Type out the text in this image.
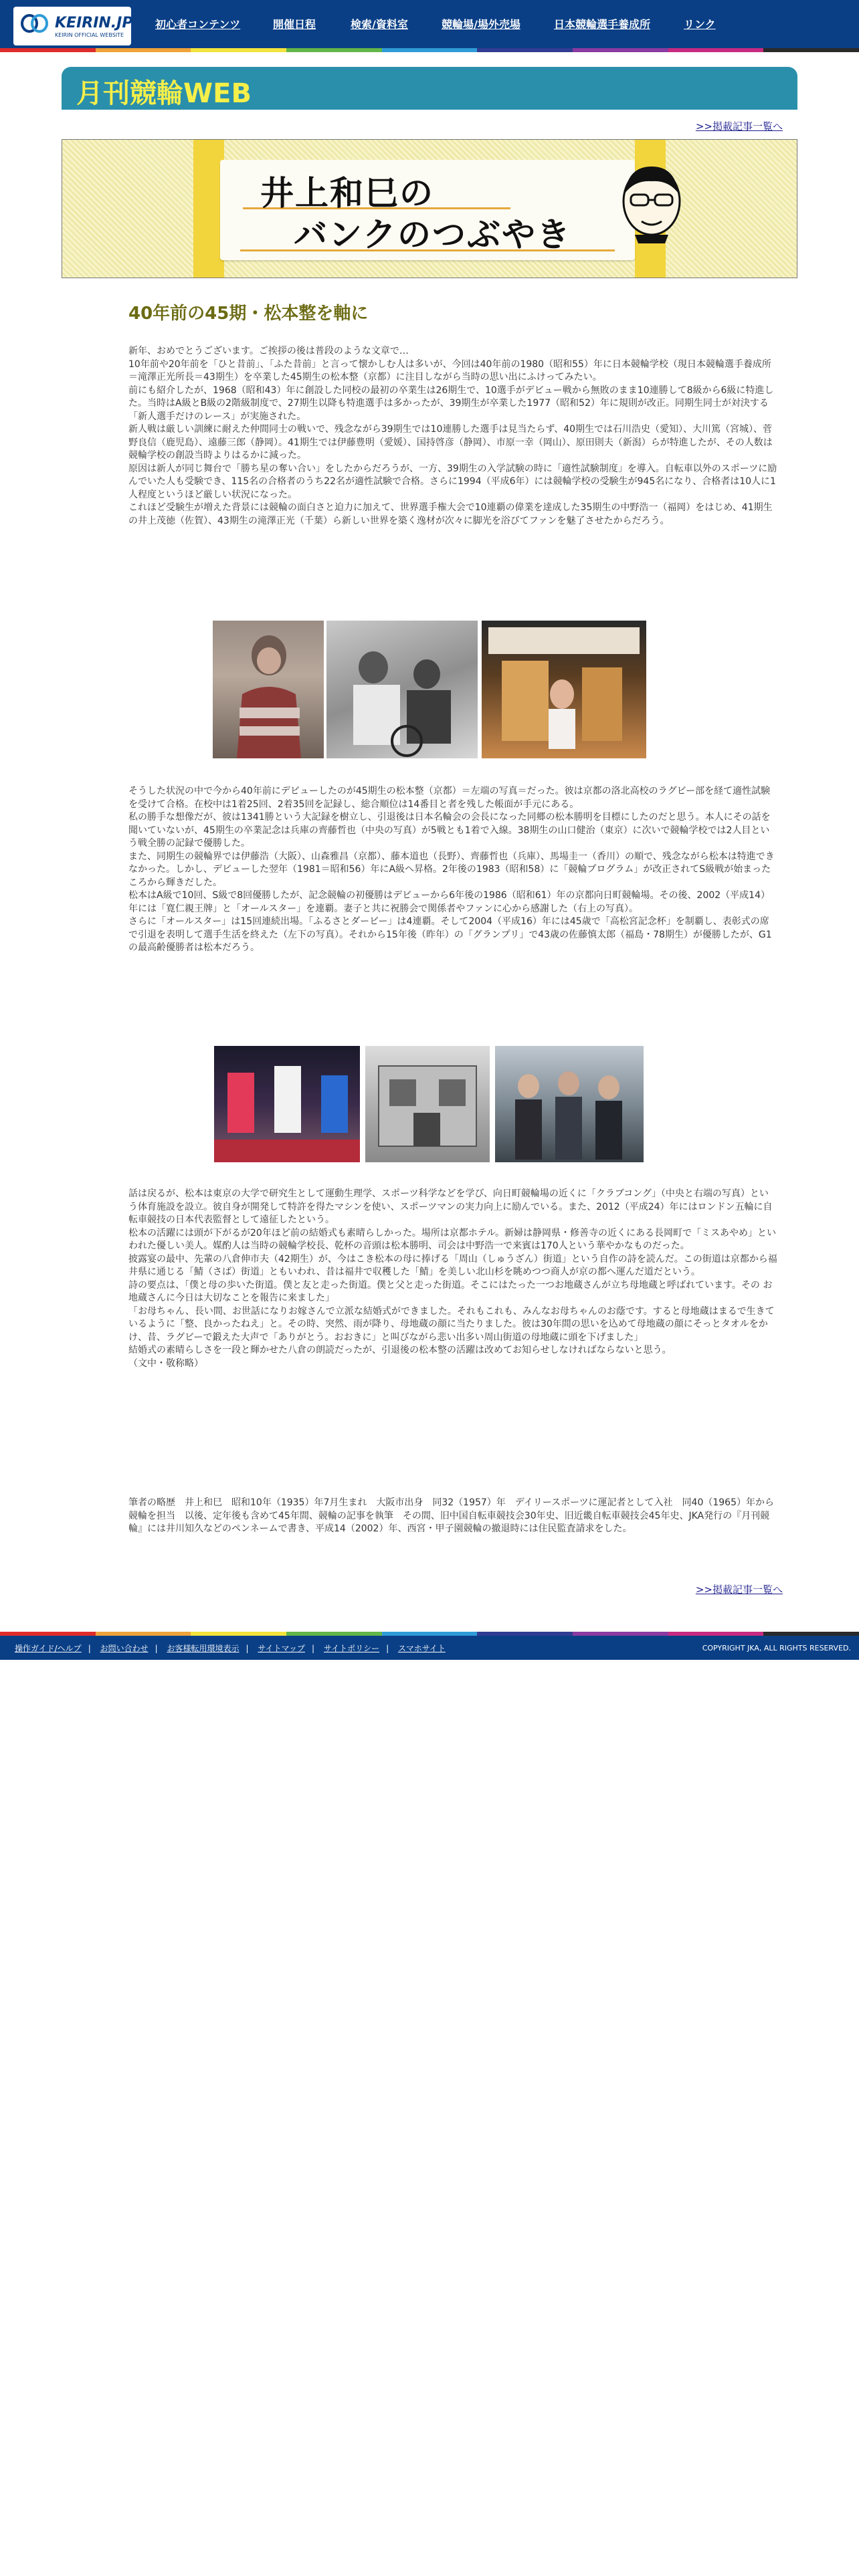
KEIRIN.JP
KEIRIN OFFICIAL WEBSITE
初心者コンテンツ	開催日程	検索/資料室	競輪場/場外売場	日本競輪選手養成所	リンク
月刊競輪WEB
>>掲載記事一覧へ
井上和巳の
バンクのつぶやき
40年前の45期・松本整を軸に

新年、おめでとうございます。ご挨拶の後は普段のような文章で…

10年前や20年前を「ひと昔前」、「ふた昔前」と言って懐かしむ人は多いが、今回は40年前の1980（昭和55）年に日本競輪学校（現日本競輪選手養成所＝滝澤正光所長＝43期生）を卒業した45期生の松本整（京都）に注目しながら当時の思い出にふけってみたい。

前にも紹介したが、1968（昭和43）年に創設した同校の最初の卒業生は26期生で、10選手がデビュー戦から無敗のまま10連勝して8級から6級に特進した。当時はA級とB級の2階級制度で、27期生以降も特進選手は多かったが、39期生が卒業した1977（昭和52）年に規則が改正。同期生同士が対決する「新人選手だけのレース」が実施された。

新人戦は厳しい訓練に耐えた仲間同士の戦いで、残念ながら39期生では10連勝した選手は見当たらず、40期生では石川浩史（愛知）、大川篤（宮城）、菅野良信（鹿児島）、遠藤三郎（静岡）。41期生では伊藤豊明（愛媛）、国持啓彦（静岡）、市原一幸（岡山）、原田則夫（新潟）らが特進したが、その人数は競輪学校の創設当時よりはるかに減った。

原因は新人が同じ舞台で「勝ち星の奪い合い」をしたからだろうが、一方、39期生の入学試験の時に「適性試験制度」を導入。自転車以外のスポーツに励んでいた人も受験でき、115名の合格者のうち22名が適性試験で合格。さらに1994（平成6年）には競輪学校の受験生が945名になり、合格者は10人に1人程度というほど厳しい状況になった。

これほど受験生が増えた背景には競輪の面白さと迫力に加えて、世界選手権大会で10連覇の偉業を達成した35期生の中野浩一（福岡）をはじめ、41期生の井上茂徳（佐賀）、43期生の滝澤正光（千葉）ら新しい世界を築く逸材が次々に脚光を浴びてファンを魅了させたからだろう。

そうした状況の中で今から40年前にデビューしたのが45期生の松本整（京都）＝左端の写真＝だった。彼は京都の洛北高校のラグビー部を経て適性試験を受けて合格。在校中は1着25回、2着35回を記録し、総合順位は14番目と者を残した帳面が手元にある。

私の勝手な想像だが、彼は1341勝という大記録を樹立し、引退後は日本名輪会の会長になった同郷の松本勝明を目標にしたのだと思う。本人にその話を聞いていないが、45期生の卒業記念は兵庫の齊藤哲也（中央の写真）が5戦とも1着で入線。38期生の山口健治（東京）に次いで競輪学校では2人目という戦全勝の記録で優勝した。

また、同期生の競輪界では伊藤浩（大阪）、山森雅昌（京都）、藤本道也（長野）、齊藤哲也（兵庫）、馬場圭一（香川）の順で、残念ながら松本は特進できなかった。しかし、デビューした翌年（1981＝昭和56）年にA級へ昇格。2年後の1983（昭和58）に「競輪プログラム」が改正されてS級戦が始まったころから輝きだした。

松本はA級で10回、S級で8回優勝したが、記念競輪の初優勝はデビューから6年後の1986（昭和61）年の京都向日町競輪場。その後、2002（平成14）年には「寛仁親王牌」と「オールスター」を連覇。妻子と共に祝勝会で関係者やファンに心から感謝した（右上の写真）。

さらに「オールスター」は15回連続出場。「ふるさとダービー」は4連覇。そして2004（平成16）年には45歳で「高松宮記念杯」を制覇し、表彰式の席で引退を表明して選手生活を終えた（左下の写真）。それから15年後（昨年）の「グランプリ」で43歳の佐藤慎太郎（福島・78期生）が優勝したが、G1の最高齢優勝者は松本だろう。

話は戻るが、松本は東京の大学で研究生として運動生理学、スポーツ科学などを学び、向日町競輪場の近くに「クラブコング」（中央と右端の写真）という体育施設を設立。彼自身が開発して特許を得たマシンを使い、スポーツマンの実力向上に励んでいる。また、2012（平成24）年にはロンドン五輪に自転車競技の日本代表監督として遠征したという。

松本の活躍には頭が下がるが20年ほど前の結婚式も素晴らしかった。場所は京都ホテル。新婦は静岡県・修善寺の近くにある長岡町で「ミスあやめ」といわれた優しい美人。媒酌人は当時の競輪学校長、乾杯の音頭は松本勝明、司会は中野浩一で来賓は170人という華やかなものだった。

披露宴の最中、先輩の八倉伸市夫（42期生）が、今はこき松本の母に捧げる「周山（しゅうざん）街道」という自作の詩を読んだ。この街道は京都から福井県に通じる「鯖（さば）街道」ともいわれ、昔は福井で収穫した「鯖」を美しい北山杉を眺めつつ商人が京の都へ運んだ道だという。

詩の要点は、「僕と母の歩いた街道。僕と友と走った街道。僕と父と走った街道。そこにはたった一つお地蔵さんが立ち母地蔵と呼ばれています。その お地蔵さんに今日は大切なことを報告に来ました」

「お母ちゃん、長い間、お世話になりお嫁さんで立派な結婚式ができました。それもこれも、みんなお母ちゃんのお蔭です。すると母地蔵はまるで生きているように「整、良かったねえ」と。その時、突然、雨が降り、母地蔵の顔に当たりました。彼は30年間の思いを込めて母地蔵の顔にそっとタオルをかけ、昔、ラグビーで鍛えた大声で「ありがとう。おおきに」と叫びながら悲い出多い周山街道の母地蔵に頭を下げました」

結婚式の素晴らしさを一段と輝かせた八倉の朗読だったが、引退後の松本整の活躍は改めてお知らせしなければならないと思う。

（文中・敬称略）

筆者の略歴　井上和巳　昭和10年（1935）年7月生まれ　大阪市出身　同32（1957）年　デイリースポーツに運記者として入社　同40（1965）年から競輪を担当　以後、定年後も含めて45年間、競輪の記事を執筆　その間、旧中国自転車競技会30年史、旧近畿自転車競技会45年史、JKA発行の『月刊競輪』には井川知久などのペンネームで書き、平成14（2002）年、西宮・甲子園競輪の撤退時には住民監査請求をした。
>>掲載記事一覧へ
操作ガイド/ヘルプ | お問い合わせ | お客様転用環境表示 | サイトマップ | サイトポリシー | スマホサイト	COPYRIGHT JKA, ALL RIGHTS RESERVED.
